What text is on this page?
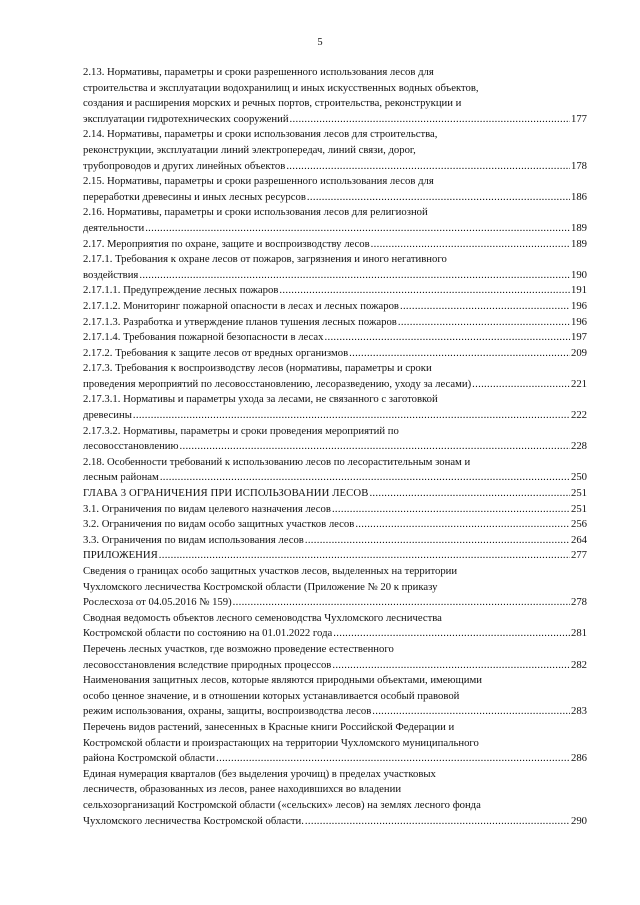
5
2.13. Нормативы, параметры и сроки разрешенного использования лесов для
строительства и эксплуатации водохранилищ и иных искусственных водных объектов,
создания и расширения морских и речных портов, строительства, реконструкции и
эксплуатации гидротехнических сооружений .....	177
2.14. Нормативы, параметры и сроки использования лесов для строительства,
реконструкции, эксплуатации линий электропередач, линий связи, дорог,
трубопроводов и других линейных объектов .....	178
2.15. Нормативы, параметры и сроки разрешенного использования лесов для
переработки древесины и иных лесных ресурсов .....	186
2.16. Нормативы, параметры и сроки использования лесов для религиозной
деятельности .....	189
2.17. Мероприятия по охране, защите и воспроизводству лесов .....	189
2.17.1. Требования к охране лесов от пожаров, загрязнения и иного негативного
воздействия .....	190
2.17.1.1. Предупреждение лесных пожаров .....	191
2.17.1.2. Мониторинг пожарной опасности в лесах и лесных пожаров .....	196
2.17.1.3. Разработка и утверждение планов тушения лесных пожаров .....	196
2.17.1.4. Требования пожарной безопасности в лесах .....	197
2.17.2. Требования к защите лесов от вредных организмов .....	209
2.17.3. Требования к воспроизводству лесов (нормативы, параметры и сроки
проведения мероприятий по лесовосстановлению, лесоразведению, уходу за лесами) .....	221
2.17.3.1. Нормативы и параметры ухода за лесами, не связанного с заготовкой
древесины .....	222
2.17.3.2. Нормативы, параметры и сроки проведения мероприятий по
лесовосстановлению .....	228
2.18. Особенности требований к использованию лесов по лесорастительным зонам и
лесным районам .....	250
ГЛАВА 3 ОГРАНИЧЕНИЯ ПРИ ИСПОЛЬЗОВАНИИ ЛЕСОВ .....	251
3.1. Ограничения по видам целевого назначения лесов .....	251
3.2. Ограничения по видам особо защитных участков лесов .....	256
3.3. Ограничения по видам использования лесов .....	264
ПРИЛОЖЕНИЯ .....	277
Сведения о границах особо защитных участков лесов, выделенных на территории
Чухломского лесничества Костромской области (Приложение № 20 к приказу
Рослесхоза от 04.05.2016 № 159) .....	278
Сводная ведомость объектов лесного семеноводства Чухломского лесничества
Костромской области по состоянию на 01.01.2022 года .....	281
Перечень лесных участков, где возможно проведение естественного
лесовосстановления вследствие природных процессов .....	282
Наименования защитных лесов, которые являются природными объектами, имеющими
особо ценное значение, и в отношении которых устанавливается особый правовой
режим использования, охраны, защиты, воспроизводства лесов .....	283
Перечень видов растений, занесенных в Красные книги Российской Федерации и
Костромской области и произрастающих на территории Чухломского муниципального
района Костромской области .....	286
Единая нумерация кварталов (без выделения урочищ) в пределах участковых
лесничеств, образованных из лесов, ранее находившихся во владении
сельхозорганизаций Костромской области («сельских» лесов) на землях лесного фонда
Чухломского лесничества Костромской области. .....	290
